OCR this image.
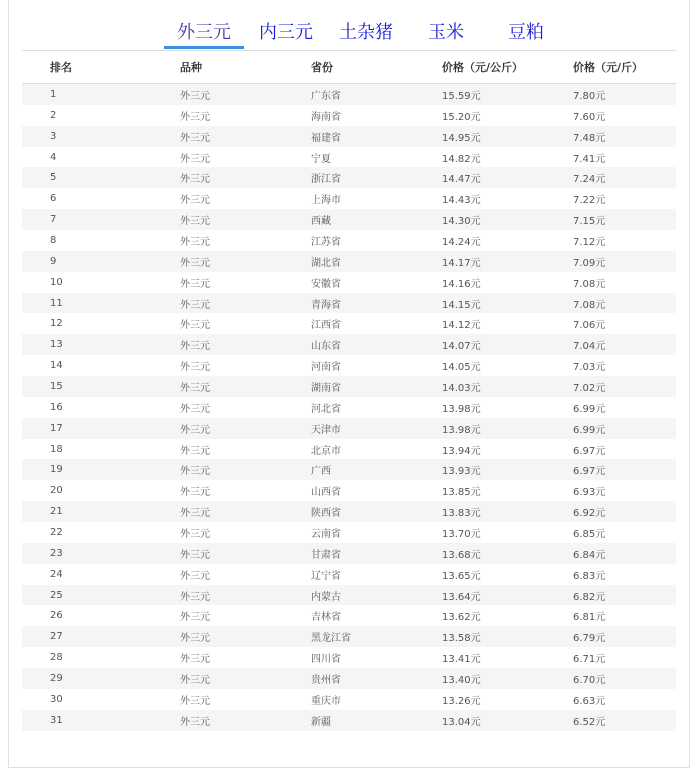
外三元	内三元 土杂猪 玉米 豆粕
排名	品种	省份	价格（元/公斤）	价格（元/斤）
1	外三元	广东省	15.59元	7.80元
2	外三元	海南省	15.20元	7.60元
3	外三元	福建省	14.95元	7.48元
4	外三元	宁夏	14.82元	7.41元
5	外三元	浙江省	14.47元	7.24元
6	外三元	上海市	14.43元	7.22元
7	外三元	西藏	14.30元	7.15元
8	外三元	江苏省	14.24元	7.12元
9	外三元	湖北省	14.17元	7.09元
10	外三元	安徽省	14.16元	7.08元
11	外三元	青海省	14.15元	7.08元
12	外三元	江西省	14.12元	7.06元
13	外三元	山东省	14.07元	7.04元
14	外三元	河南省	14.05元	7.03元
15	外三元	湖南省	14.03元	7.02元
16	外三元	河北省	13.98元	6.99元
17	外三元	天津市	13.98元	6.99元
18	外三元	北京市	13.94元	6.97元
19	外三元	广西	13.93元	6.97元
20	外三元	山西省	13.85元	6.93元
21	外三元	陕西省	13.83元	6.92元
22	外三元	云南省	13.70元	6.85元
23	外三元	甘肃省	13.68元	6.84元
24	外三元	辽宁省	13.65元	6.83元
25	外三元	内蒙古	13.64元	6.82元
26	外三元	吉林省	13.62元	6.81元
27	外三元	黑龙江省	13.58元	6.79元
28	外三元	四川省	13.41元	6.71元
29	外三元	贵州省	13.40元	6.70元
30	外三元	重庆市	13.26元	6.63元
31	外三元	新疆	13.04元	6.52元
